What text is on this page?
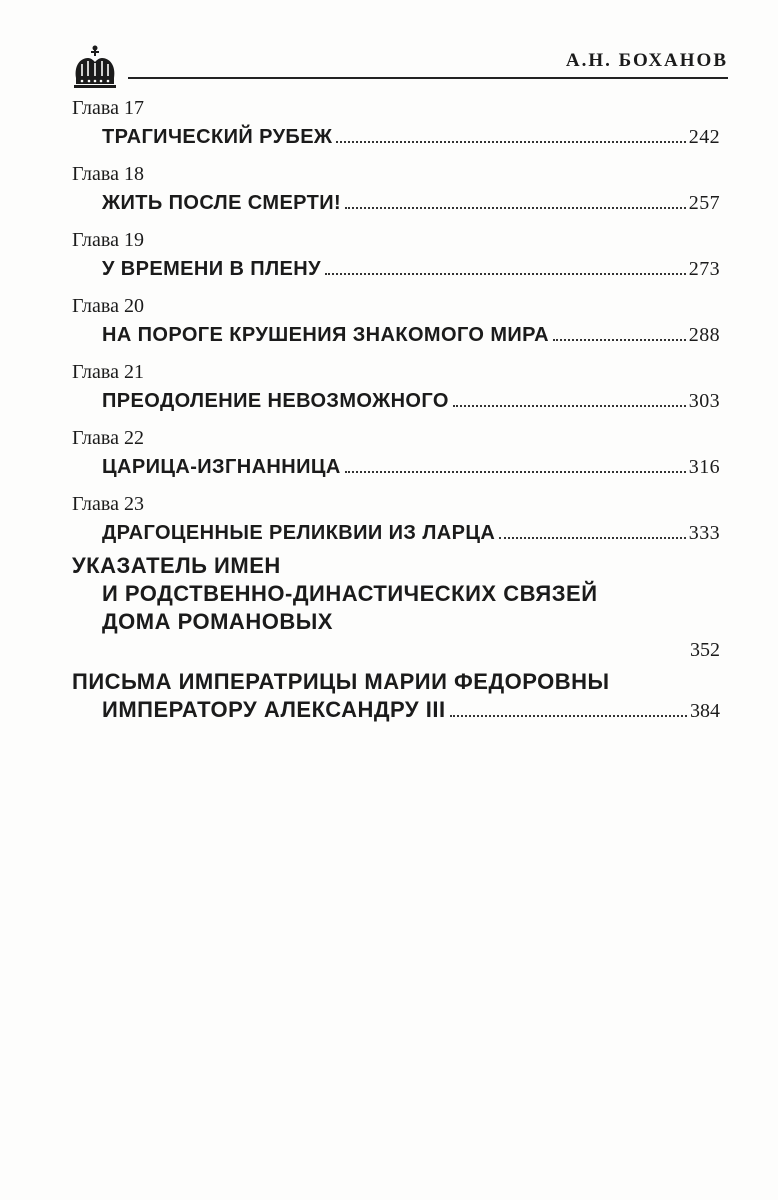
А.Н. БОХАНОВ
Глава 17
ТРАГИЧЕСКИЙ РУБЕЖ	242
Глава 18
ЖИТЬ ПОСЛЕ СМЕРТИ!	257
Глава 19
У ВРЕМЕНИ В ПЛЕНУ	273
Глава 20
НА ПОРОГЕ КРУШЕНИЯ ЗНАКОМОГО МИРА	288
Глава 21
ПРЕОДОЛЕНИЕ НЕВОЗМОЖНОГО	303
Глава 22
ЦАРИЦА-ИЗГНАННИЦА	316
Глава 23
ДРАГОЦЕННЫЕ РЕЛИКВИИ ИЗ ЛАРЦА	333
УКАЗАТЕЛЬ ИМЕН
И РОДСТВЕННО-ДИНАСТИЧЕСКИХ СВЯЗЕЙ
ДОМА РОМАНОВЫХ
352
ПИСЬМА ИМПЕРАТРИЦЫ МАРИИ ФЕДОРОВНЫ
ИМПЕРАТОРУ АЛЕКСАНДРУ III	384
